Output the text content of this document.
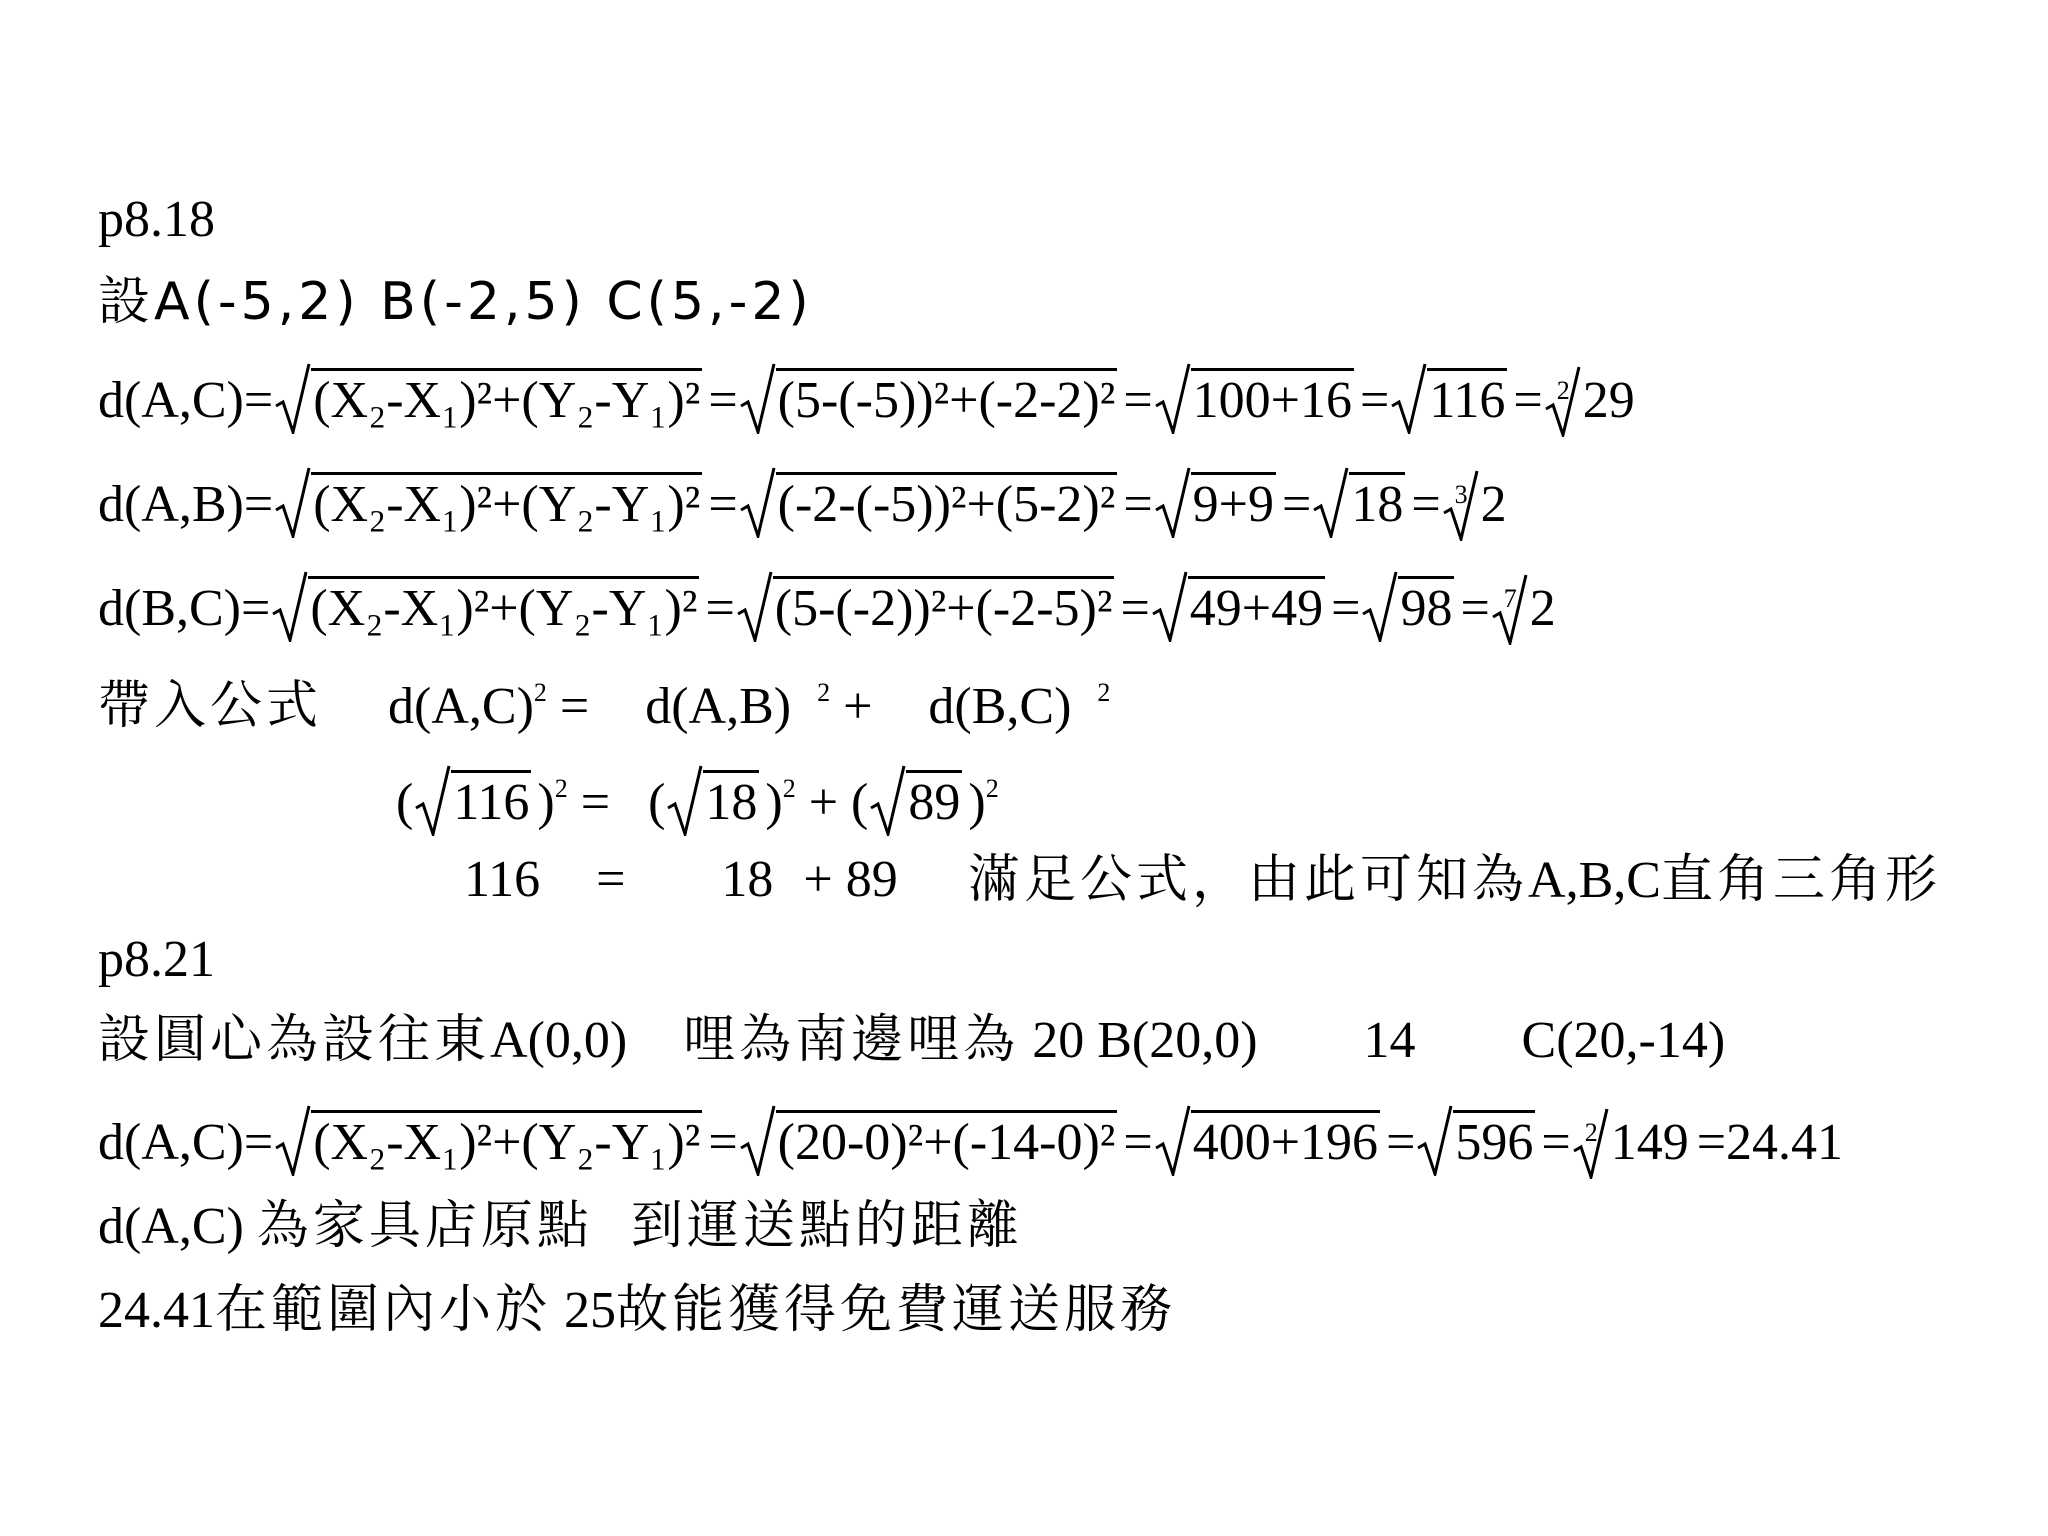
p8.18
設A(-5,2) B(-2,5) C(5,-2)
d(A,C)= (X₂-X₁)²+(Y₂-Y₁)² = (5-(-5))²+(-2-2)² = 100+16 = 116 = 2 29
d(A,B)= (X₂-X₁)²+(Y₂-Y₁)² = (-2-(-5))²+(5-2)² = 9+9 = 18 = 3 2
d(B,C)= (X₂-X₁)²+(Y₂-Y₁)² = (5-(-2))²+(-2-5)² = 49+49 = 98 = 7 2
帶入公式 $d(A,C)^2 = d(A,B) ^2 + d(B,C)$ $^2$
( 116 )$^2$ =  ( 18 )$^2$ + ( 89 )$^2$
116 = 18 + 89 滿足公式，由此可知為A,B,C直角三角形
p8.21
設圓心為設往東A(0,0) 哩為南邊哩為 20 B(20,0) 14 C(20,-14)
d(A,C)= (X₂-X₁)²+(Y₂-Y₁)² = (20-0)²+(-14-0)² = 400+196 = 596 = 2 149 =24.41
d(A,C) 為家具店原點 到運送點的距離
24.41在範圍內小於 25故能獲得免費運送服務
